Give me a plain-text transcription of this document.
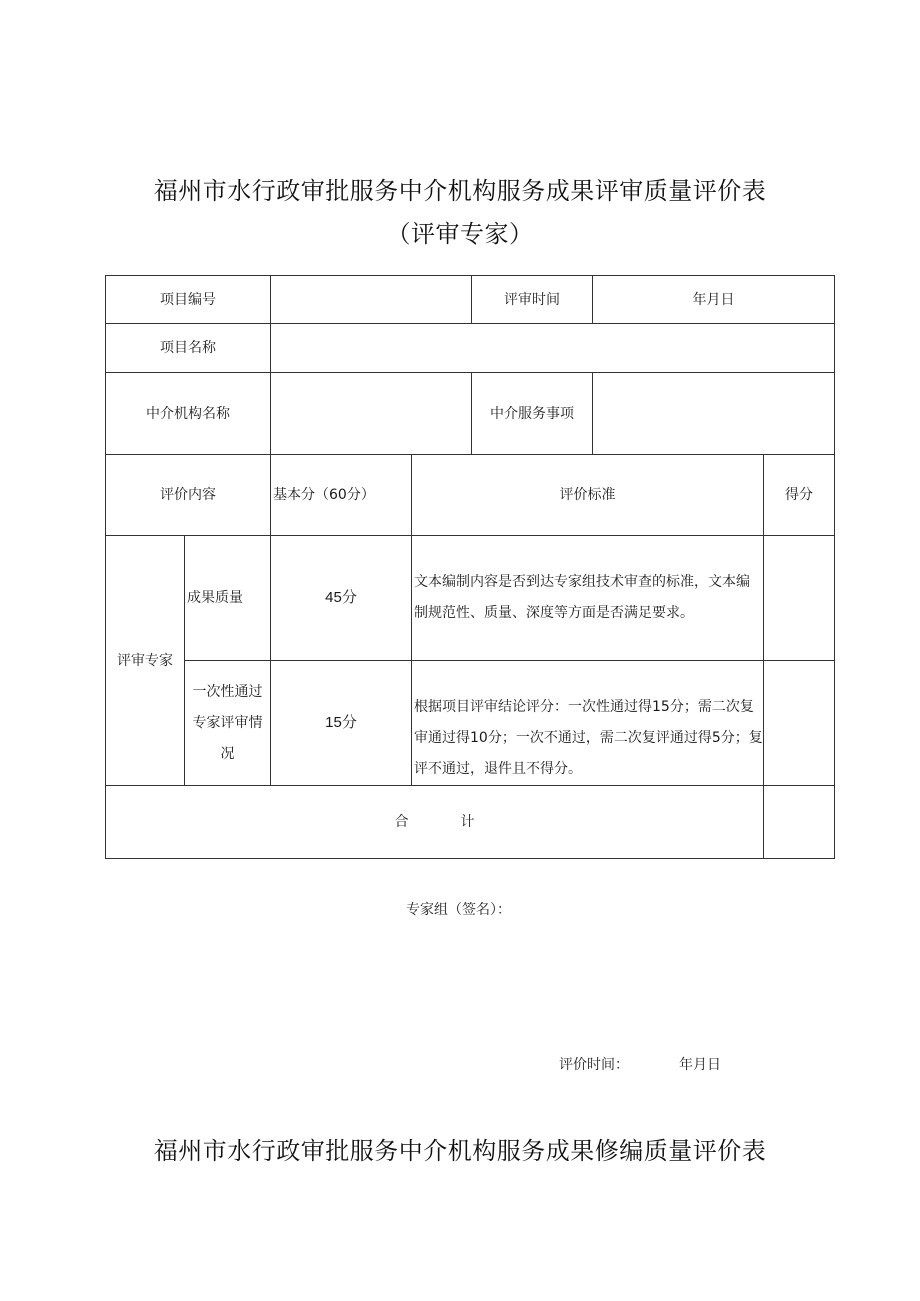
福州市水行政审批服务中介机构服务成果评审质量评价表
（评审专家）
项目编号				评审时间	年月日	
项目名称						
中介机构名称				中介服务事项		
评价内容		基本分（60分）	评价标准			得分
评审专家	成果质量	45分	文本编制内容是否到达专家组技术审查的标准，文本编制规范性、质量、深度等方面是否满足要求。			
	一次性通过专家评审情况	15分	根据项目评审结论评分：一次性通过得15分；需二次复审通过得10分；一次不通过，需二次复评通过得5分；复评不通过，退件且不得分。			
合 计						
专家组（签名）：
评价时间：	年月日
福州市水行政审批服务中介机构服务成果修编质量评价表
